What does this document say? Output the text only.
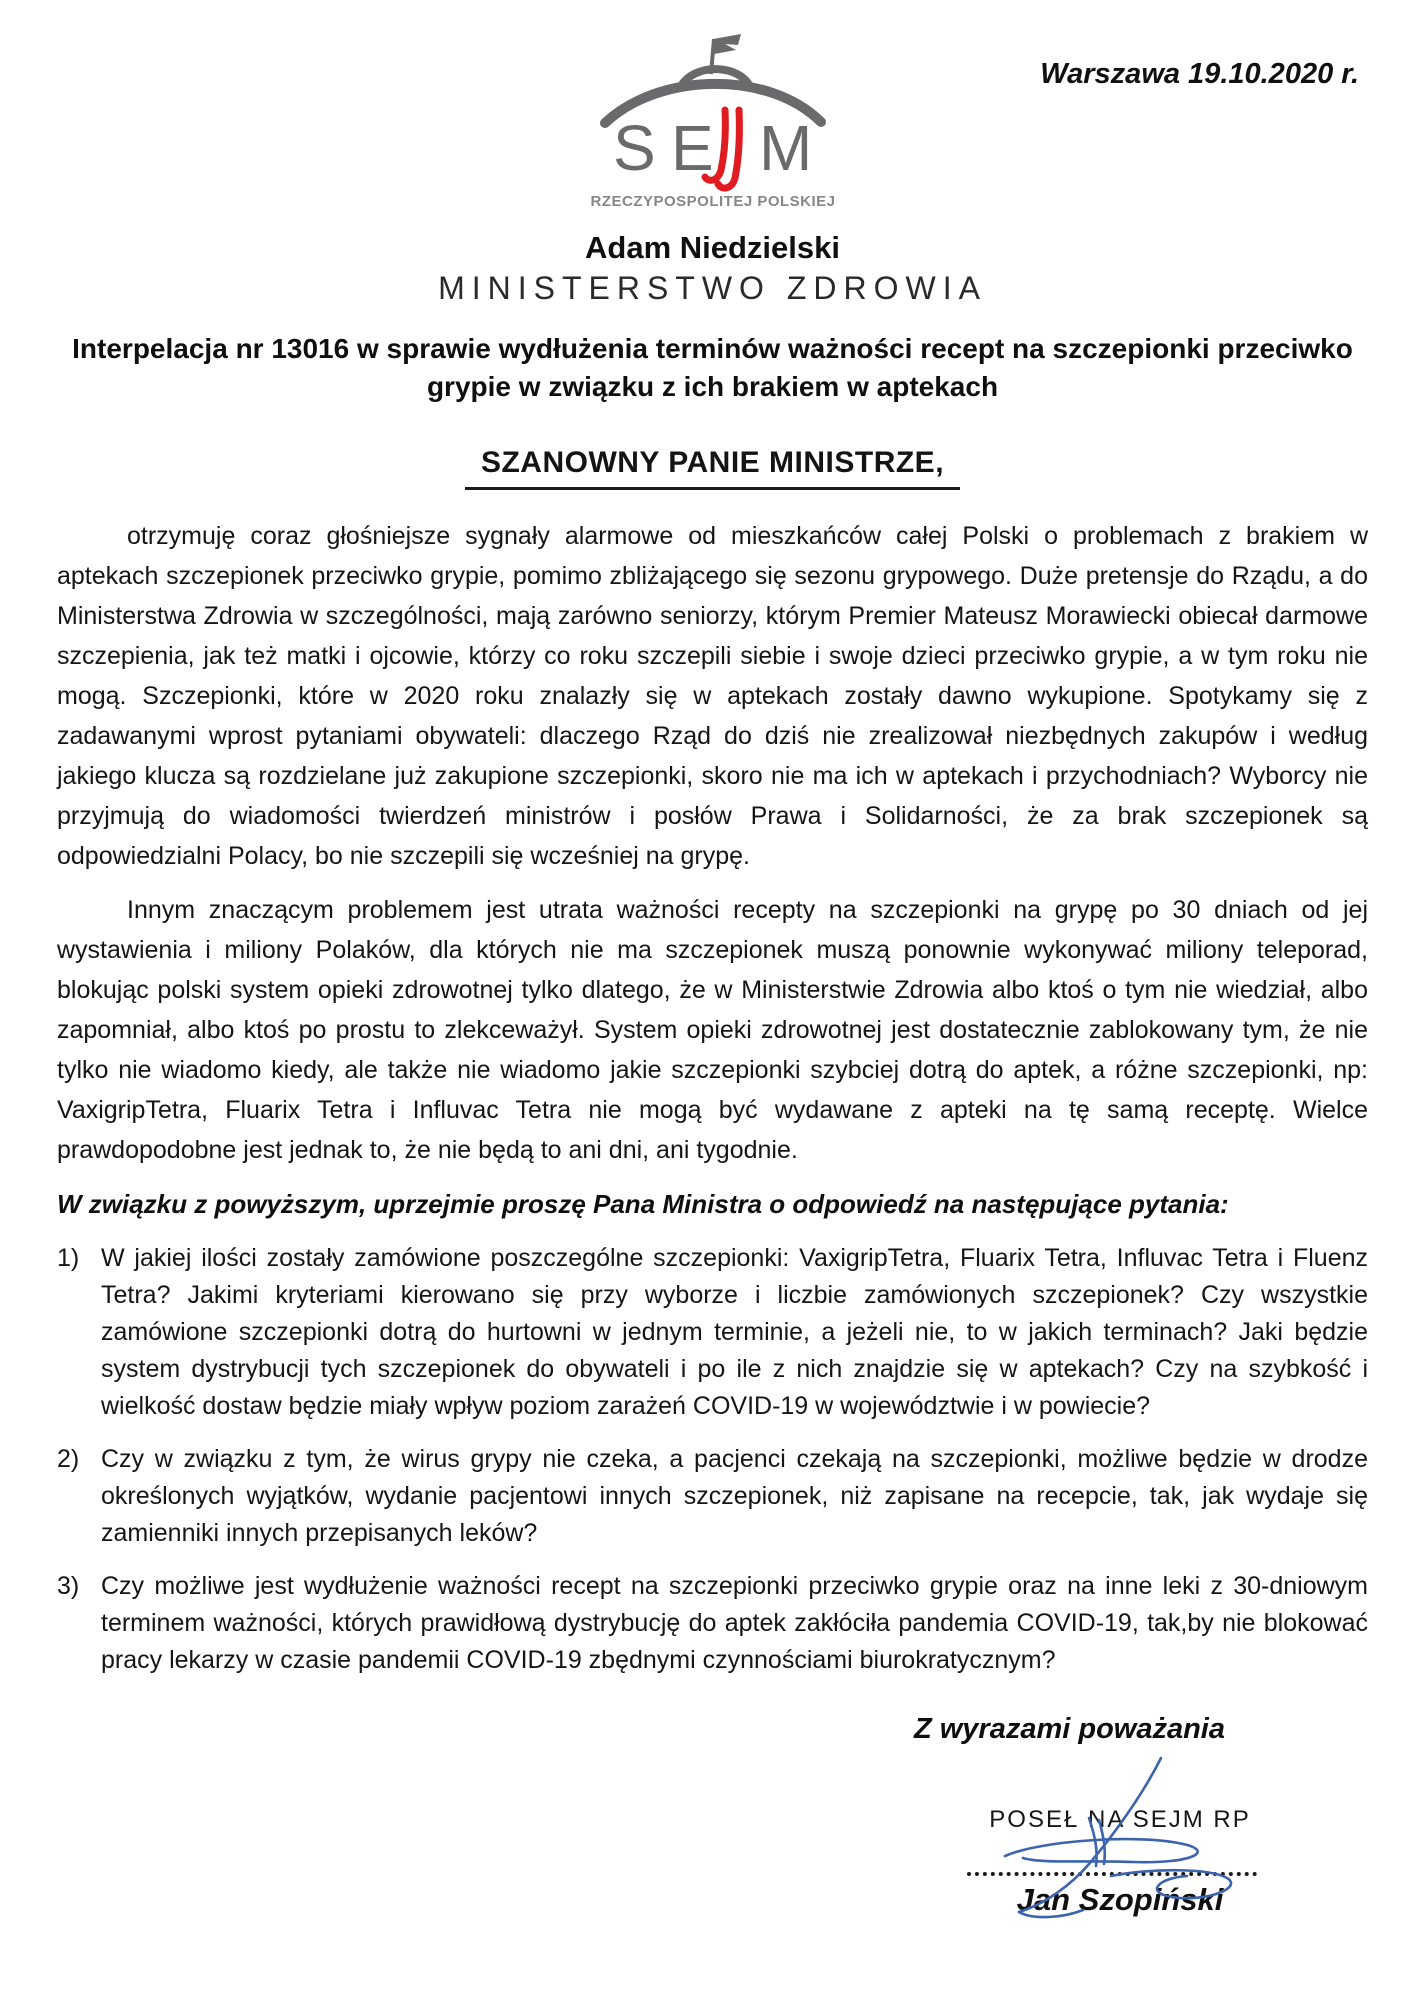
Warszawa 19.10.2020 r.
S E M
RZECZYPOSPOLITEJ POLSKIEJ
Adam Niedzielski
MINISTERSTWO ZDROWIA
Interpelacja nr 13016 w sprawie wydłużenia terminów ważności recept na szczepionki przeciwko grypie w związku z ich brakiem w aptekach
SZANOWNY PANIE MINISTRZE,

otrzymuję coraz głośniejsze sygnały alarmowe od mieszkańców całej Polski o problemach z brakiem w aptekach szczepionek przeciwko grypie, pomimo zbliżającego się sezonu grypowego. Duże pretensje do Rządu, a do Ministerstwa Zdrowia w szczególności, mają zarówno seniorzy, którym Premier Mateusz Morawiecki obiecał darmowe szczepienia, jak też matki i ojcowie, którzy co roku szczepili siebie i swoje dzieci przeciwko grypie, a w tym roku nie mogą. Szczepionki, które w 2020 roku znalazły się w aptekach zostały dawno wykupione. Spotykamy się z zadawanymi wprost pytaniami obywateli: dlaczego Rząd do dziś nie zrealizował niezbędnych zakupów i według jakiego klucza są rozdzielane już zakupione szczepionki, skoro nie ma ich w aptekach i przychodniach? Wyborcy nie przyjmują do wiadomości twierdzeń ministrów i posłów Prawa i Solidarności, że za brak szczepionek są odpowiedzialni Polacy, bo nie szczepili się wcześniej na grypę.

Innym znaczącym problemem jest utrata ważności recepty na szczepionki na grypę po 30 dniach od jej wystawienia i miliony Polaków, dla których nie ma szczepionek muszą ponownie wykonywać miliony teleporad, blokując polski system opieki zdrowotnej tylko dlatego, że w Ministerstwie Zdrowia albo ktoś o tym nie wiedział, albo zapomniał, albo ktoś po prostu to zlekceważył. System opieki zdrowotnej jest dostatecznie zablokowany tym, że nie tylko nie wiadomo kiedy, ale także nie wiadomo jakie szczepionki szybciej dotrą do aptek, a różne szczepionki, np: VaxigripTetra, Fluarix Tetra i Influvac Tetra nie mogą być wydawane z apteki na tę samą receptę. Wielce prawdopodobne jest jednak to, że nie będą to ani dni, ani tygodnie.

W związku z powyższym, uprzejmie proszę Pana Ministra o odpowiedź na następujące pytania:

1) W jakiej ilości zostały zamówione poszczególne szczepionki: VaxigripTetra, Fluarix Tetra, Influvac Tetra i Fluenz Tetra? Jakimi kryteriami kierowano się przy wyborze i liczbie zamówionych szczepionek? Czy wszystkie zamówione szczepionki dotrą do hurtowni w jednym terminie, a jeżeli nie, to w jakich terminach? Jaki będzie system dystrybucji tych szczepionek do obywateli i po ile z nich znajdzie się w aptekach? Czy na szybkość i wielkość dostaw będzie miały wpływ poziom zarażeń COVID-19 w województwie i w powiecie?
2) Czy w związku z tym, że wirus grypy nie czeka, a pacjenci czekają na szczepionki, możliwe będzie w drodze określonych wyjątków, wydanie pacjentowi innych szczepionek, niż zapisane na recepcie, tak, jak wydaje się zamienniki innych przepisanych leków?
3) Czy możliwe jest wydłużenie ważności recept na szczepionki przeciwko grypie oraz na inne leki z 30-dniowym terminem ważności, których prawidłową dystrybucję do aptek zakłóciła pandemia COVID-19, tak,by nie blokować pracy lekarzy w czasie pandemii COVID-19 zbędnymi czynnościami biurokratycznym?
Z wyrazami poważania
POSEŁ NA SEJM RP
Jan Szopiński
